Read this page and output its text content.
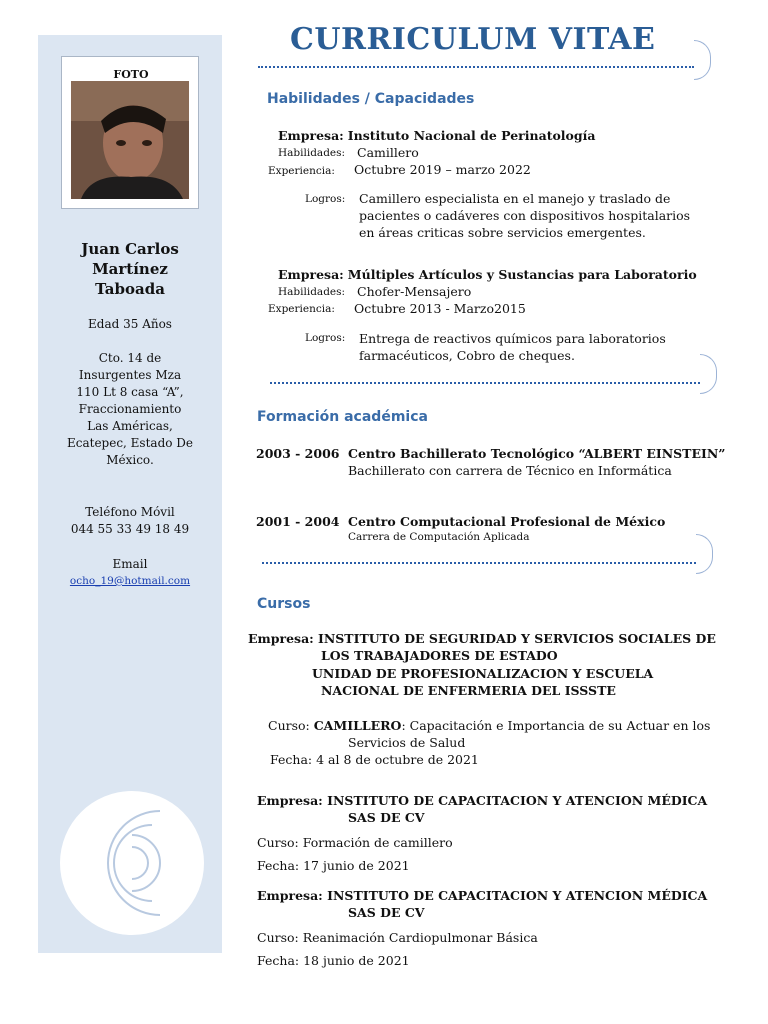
FOTO
Juan Carlos
Martínez
Taboada
Edad 35 Años
Cto. 14 de
Insurgentes Mza
110 Lt 8 casa “A”,
Fraccionamiento
Las Américas,
Ecatepec, Estado De
México.
Teléfono Móvil
044 55 33 49 18 49
Email
ocho_19@hotmail.com
CURRICULUM VITAE
Habilidades / Capacidades
Empresa: Instituto Nacional de Perinatología
Habilidades: Camillero
Experiencia: Octubre 2019 – marzo 2022
Logros: Camillero especialista en el manejo y traslado de
pacientes o cadáveres con dispositivos hospitalarios
en áreas criticas sobre servicios emergentes.
Empresa: Múltiples Artículos y Sustancias para Laboratorio
Habilidades: Chofer-Mensajero
Experiencia: Octubre 2013 - Marzo2015
Logros: Entrega de reactivos químicos para laboratorios
farmacéuticos, Cobro de cheques.
Formación académica
2003 - 2006 Centro Bachillerato Tecnológico “ALBERT EINSTEIN”
Bachillerato con carrera de Técnico en Informática
2001 - 2004 Centro Computacional Profesional de México
Carrera de Computación Aplicada
Cursos
Empresa: INSTITUTO DE SEGURIDAD Y SERVICIOS SOCIALES DE
LOS TRABAJADORES DE ESTADO
UNIDAD DE PROFESIONALIZACION Y ESCUELA
NACIONAL DE ENFERMERIA DEL ISSSTE
Curso: CAMILLERO: Capacitación e Importancia de su Actuar en los
Servicios de Salud
Fecha: 4 al 8 de octubre de 2021
Empresa: INSTITUTO DE CAPACITACION Y ATENCION MÉDICA
SAS DE CV
Curso: Formación de camillero
Fecha: 17 junio de 2021
Empresa: INSTITUTO DE CAPACITACION Y ATENCION MÉDICA
SAS DE CV
Curso: Reanimación Cardiopulmonar Básica
Fecha: 18 junio de 2021
